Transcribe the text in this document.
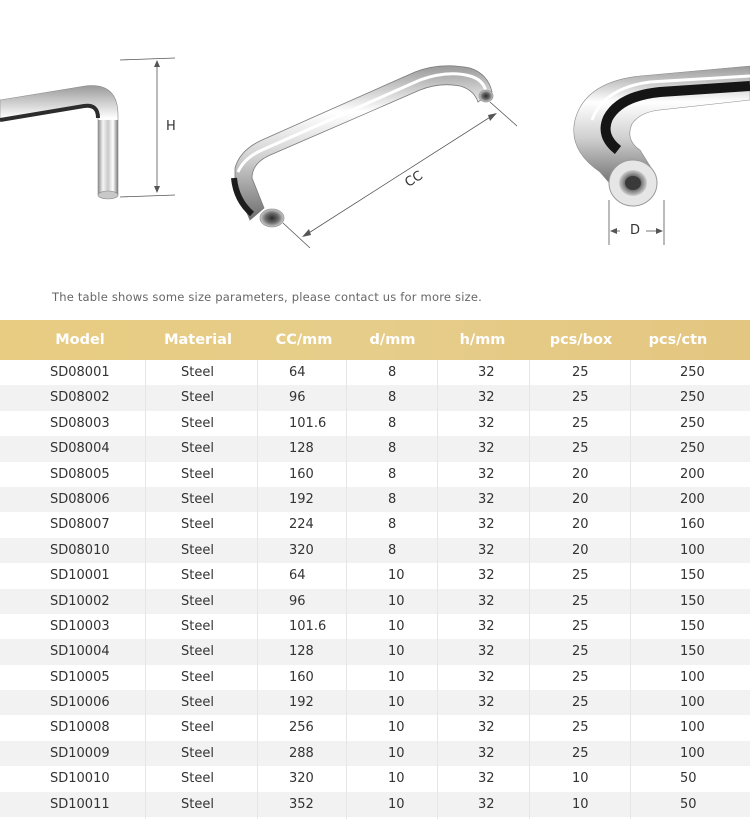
H
CC
D
The table shows some size parameters, please contact us for more size.
Model	Material	CC/mm	d/mm	h/mm	pcs/box	pcs/ctn
SD08001	Steel	64	8	32	25	250
SD08002	Steel	96	8	32	25	250
SD08003	Steel	101.6	8	32	25	250
SD08004	Steel	128	8	32	25	250
SD08005	Steel	160	8	32	20	200
SD08006	Steel	192	8	32	20	200
SD08007	Steel	224	8	32	20	160
SD08010	Steel	320	8	32	20	100
SD10001	Steel	64	10	32	25	150
SD10002	Steel	96	10	32	25	150
SD10003	Steel	101.6	10	32	25	150
SD10004	Steel	128	10	32	25	150
SD10005	Steel	160	10	32	25	100
SD10006	Steel	192	10	32	25	100
SD10008	Steel	256	10	32	25	100
SD10009	Steel	288	10	32	25	100
SD10010	Steel	320	10	32	10	50
SD10011	Steel	352	10	32	10	50
